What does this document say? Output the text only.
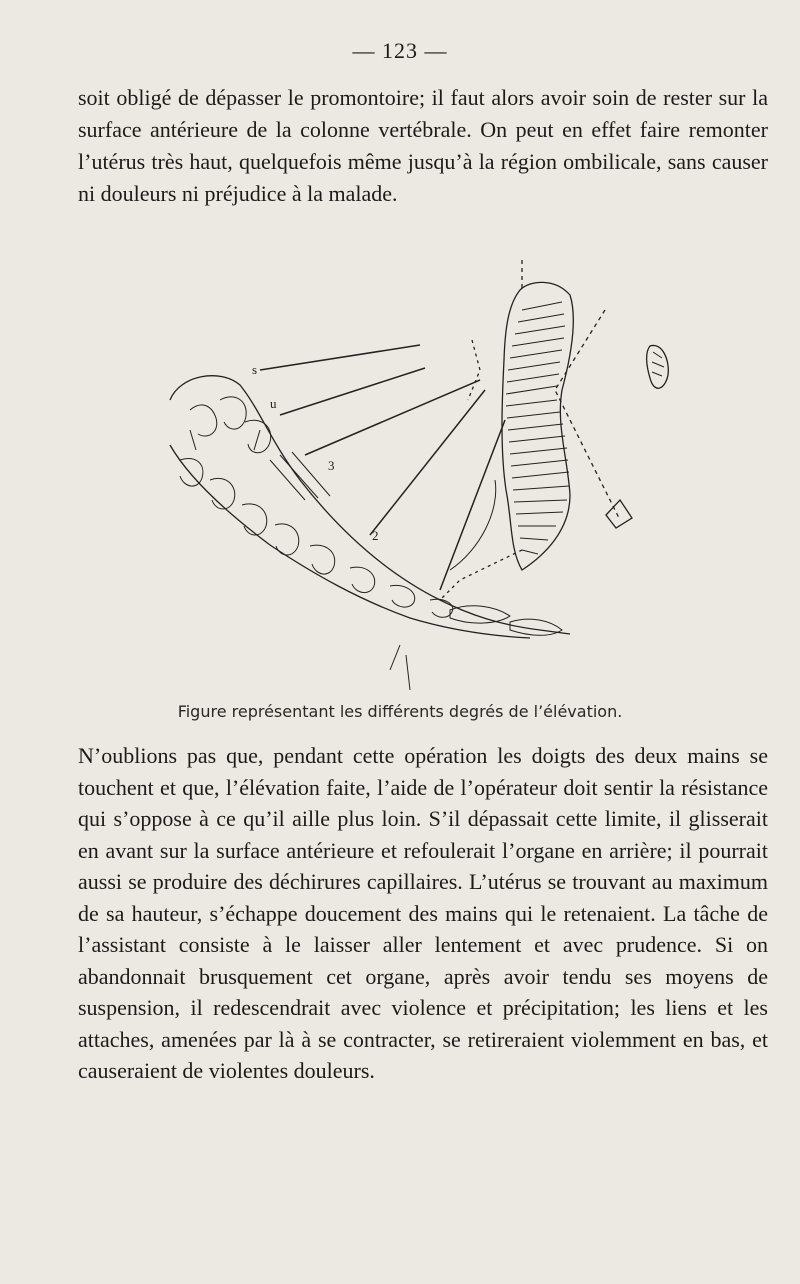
— 123 —

soit obligé de dépasser le promontoire; il faut alors avoir soin de rester sur la surface antérieure de la colonne vertébrale. On peut en effet faire remonter l’utérus très haut, quelquefois même jusqu’à la région ombilicale, sans causer ni douleurs ni préjudice à la malade.

s
u
3
2
Figure représentant les différents degrés de l’élévation.

N’oublions pas que, pendant cette opération les doigts des deux mains se touchent et que, l’élévation faite, l’aide de l’opérateur doit sentir la résistance qui s’oppose à ce qu’il aille plus loin. S’il dépassait cette limite, il glisserait en avant sur la surface antérieure et refoulerait l’organe en arrière; il pourrait aussi se produire des déchirures capillaires. L’utérus se trouvant au maximum de sa hauteur, s’échappe doucement des mains qui le retenaient. La tâche de l’assistant consiste à le laisser aller lentement et avec prudence. Si on abandonnait brusquement cet organe, après avoir tendu ses moyens de suspension, il redescendrait avec violence et précipitation; les liens et les attaches, amenées par là à se contracter, se retireraient violemment en bas, et causeraient de violentes douleurs.
